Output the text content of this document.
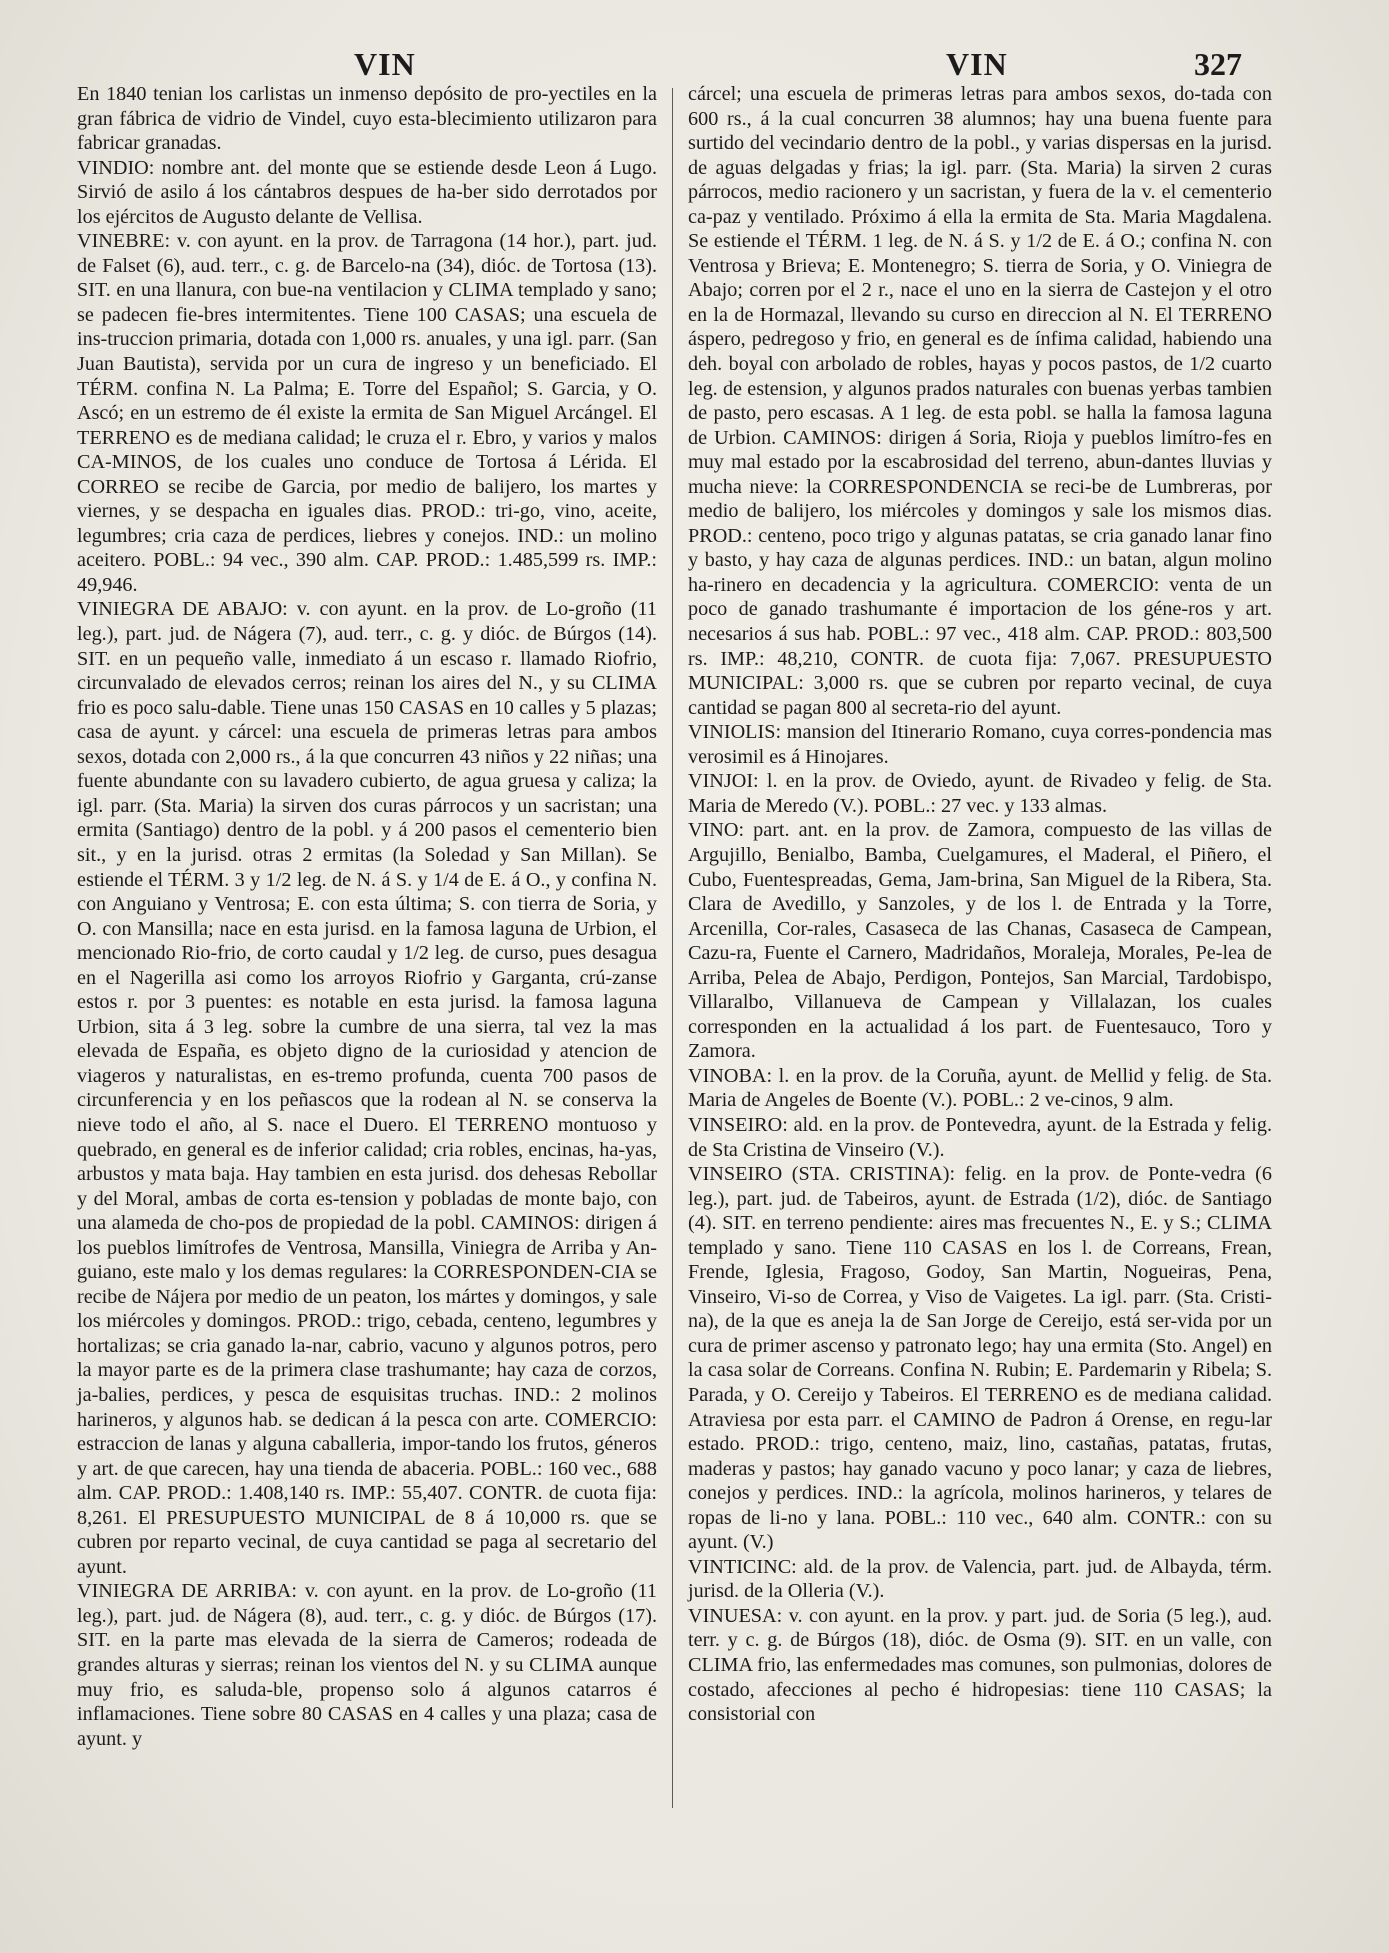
VIN	VIN	327

En 1840 tenian los carlistas un inmenso depósito de pro-yectiles en la gran fábrica de vidrio de Vindel, cuyo esta-blecimiento utilizaron para fabricar granadas.

VINDIO: nombre ant. del monte que se estiende desde Leon á Lugo. Sirvió de asilo á los cántabros despues de ha-ber sido derrotados por los ejércitos de Augusto delante de Vellisa.

VINEBRE: v. con ayunt. en la prov. de Tarragona (14 hor.), part. jud. de Falset (6), aud. terr., c. g. de Barcelo-na (34), dióc. de Tortosa (13). SIT. en una llanura, con bue-na ventilacion y CLIMA templado y sano; se padecen fie-bres intermitentes. Tiene 100 CASAS; una escuela de ins-truccion primaria, dotada con 1,000 rs. anuales, y una igl. parr. (San Juan Bautista), servida por un cura de ingreso y un beneficiado. El TÉRM. confina N. La Palma; E. Torre del Español; S. Garcia, y O. Ascó; en un estremo de él existe la ermita de San Miguel Arcángel. El TERRENO es de mediana calidad; le cruza el r. Ebro, y varios y malos CA-MINOS, de los cuales uno conduce de Tortosa á Lérida. El CORREO se recibe de Garcia, por medio de balijero, los martes y viernes, y se despacha en iguales dias. PROD.: tri-go, vino, aceite, legumbres; cria caza de perdices, liebres y conejos. IND.: un molino aceitero. POBL.: 94 vec., 390 alm. CAP. PROD.: 1.485,599 rs. IMP.: 49,946.

VINIEGRA DE ABAJO: v. con ayunt. en la prov. de Lo-groño (11 leg.), part. jud. de Nágera (7), aud. terr., c. g. y dióc. de Búrgos (14). SIT. en un pequeño valle, inmediato á un escaso r. llamado Riofrio, circunvalado de elevados cerros; reinan los aires del N., y su CLIMA frio es poco salu-dable. Tiene unas 150 CASAS en 10 calles y 5 plazas; casa de ayunt. y cárcel: una escuela de primeras letras para ambos sexos, dotada con 2,000 rs., á la que concurren 43 niños y 22 niñas; una fuente abundante con su lavadero cubierto, de agua gruesa y caliza; la igl. parr. (Sta. Maria) la sirven dos curas párrocos y un sacristan; una ermita (Santiago) dentro de la pobl. y á 200 pasos el cementerio bien sit., y en la jurisd. otras 2 ermitas (la Soledad y San Millan). Se estiende el TÉRM. 3 y 1/2 leg. de N. á S. y 1/4 de E. á O., y confina N. con Anguiano y Ventrosa; E. con esta última; S. con tierra de Soria, y O. con Mansilla; nace en esta jurisd. en la famosa laguna de Urbion, el mencionado Rio-frio, de corto caudal y 1/2 leg. de curso, pues desagua en el Nagerilla asi como los arroyos Riofrio y Garganta, crú-zanse estos r. por 3 puentes: es notable en esta jurisd. la famosa laguna Urbion, sita á 3 leg. sobre la cumbre de una sierra, tal vez la mas elevada de España, es objeto digno de la curiosidad y atencion de viageros y naturalistas, en es-tremo profunda, cuenta 700 pasos de circunferencia y en los peñascos que la rodean al N. se conserva la nieve todo el año, al S. nace el Duero. El TERRENO montuoso y quebrado, en general es de inferior calidad; cria robles, encinas, ha-yas, arbustos y mata baja. Hay tambien en esta jurisd. dos dehesas Rebollar y del Moral, ambas de corta es-tension y pobladas de monte bajo, con una alameda de cho-pos de propiedad de la pobl. CAMINOS: dirigen á los pueblos limítrofes de Ventrosa, Mansilla, Viniegra de Arriba y An-guiano, este malo y los demas regulares: la CORRESPONDEN-CIA se recibe de Nájera por medio de un peaton, los mártes y domingos, y sale los miércoles y domingos. PROD.: trigo, cebada, centeno, legumbres y hortalizas; se cria ganado la-nar, cabrio, vacuno y algunos potros, pero la mayor parte es de la primera clase trashumante; hay caza de corzos, ja-balies, perdices, y pesca de esquisitas truchas. IND.: 2 molinos harineros, y algunos hab. se dedican á la pesca con arte. COMERCIO: estraccion de lanas y alguna caballeria, impor-tando los frutos, géneros y art. de que carecen, hay una tienda de abaceria. POBL.: 160 vec., 688 alm. CAP. PROD.: 1.408,140 rs. IMP.: 55,407. CONTR. de cuota fija: 8,261. El PRESUPUESTO MUNICIPAL de 8 á 10,000 rs. que se cubren por reparto vecinal, de cuya cantidad se paga al secretario del ayunt.

VINIEGRA DE ARRIBA: v. con ayunt. en la prov. de Lo-groño (11 leg.), part. jud. de Nágera (8), aud. terr., c. g. y dióc. de Búrgos (17). SIT. en la parte mas elevada de la sierra de Cameros; rodeada de grandes alturas y sierras; reinan los vientos del N. y su CLIMA aunque muy frio, es saluda-ble, propenso solo á algunos catarros é inflamaciones. Tiene sobre 80 CASAS en 4 calles y una plaza; casa de ayunt. y

cárcel; una escuela de primeras letras para ambos sexos, do-tada con 600 rs., á la cual concurren 38 alumnos; hay una buena fuente para surtido del vecindario dentro de la pobl., y varias dispersas en la jurisd. de aguas delgadas y frias; la igl. parr. (Sta. Maria) la sirven 2 curas párrocos, medio racionero y un sacristan, y fuera de la v. el cementerio ca-paz y ventilado. Próximo á ella la ermita de Sta. Maria Magdalena. Se estiende el TÉRM. 1 leg. de N. á S. y 1/2 de E. á O.; confina N. con Ventrosa y Brieva; E. Montenegro; S. tierra de Soria, y O. Viniegra de Abajo; corren por el 2 r., nace el uno en la sierra de Castejon y el otro en la de Hormazal, llevando su curso en direccion al N. El TERRENO áspero, pedregoso y frio, en general es de ínfima calidad, habiendo una deh. boyal con arbolado de robles, hayas y pocos pastos, de 1/2 cuarto leg. de estension, y algunos prados naturales con buenas yerbas tambien de pasto, pero escasas. A 1 leg. de esta pobl. se halla la famosa laguna de Urbion. CAMINOS: dirigen á Soria, Rioja y pueblos limítro-fes en muy mal estado por la escabrosidad del terreno, abun-dantes lluvias y mucha nieve: la CORRESPONDENCIA se reci-be de Lumbreras, por medio de balijero, los miércoles y domingos y sale los mismos dias. PROD.: centeno, poco trigo y algunas patatas, se cria ganado lanar fino y basto, y hay caza de algunas perdices. IND.: un batan, algun molino ha-rinero en decadencia y la agricultura. COMERCIO: venta de un poco de ganado trashumante é importacion de los géne-ros y art. necesarios á sus hab. POBL.: 97 vec., 418 alm. CAP. PROD.: 803,500 rs. IMP.: 48,210, CONTR. de cuota fija: 7,067. PRESUPUESTO MUNICIPAL: 3,000 rs. que se cubren por reparto vecinal, de cuya cantidad se pagan 800 al secreta-rio del ayunt.

VINIOLIS: mansion del Itinerario Romano, cuya corres-pondencia mas verosimil es á Hinojares.

VINJOI: l. en la prov. de Oviedo, ayunt. de Rivadeo y felig. de Sta. Maria de Meredo (V.). POBL.: 27 vec. y 133 almas.

VINO: part. ant. en la prov. de Zamora, compuesto de las villas de Argujillo, Benialbo, Bamba, Cuelgamures, el Maderal, el Piñero, el Cubo, Fuentespreadas, Gema, Jam-brina, San Miguel de la Ribera, Sta. Clara de Avedillo, y Sanzoles, y de los l. de Entrada y la Torre, Arcenilla, Cor-rales, Casaseca de las Chanas, Casaseca de Campean, Cazu-ra, Fuente el Carnero, Madridaños, Moraleja, Morales, Pe-lea de Arriba, Pelea de Abajo, Perdigon, Pontejos, San Marcial, Tardobispo, Villaralbo, Villanueva de Campean y Villalazan, los cuales corresponden en la actualidad á los part. de Fuentesauco, Toro y Zamora.

VINOBA: l. en la prov. de la Coruña, ayunt. de Mellid y felig. de Sta. Maria de Angeles de Boente (V.). POBL.: 2 ve-cinos, 9 alm.

VINSEIRO: ald. en la prov. de Pontevedra, ayunt. de la Estrada y felig. de Sta Cristina de Vinseiro (V.).

VINSEIRO (STA. CRISTINA): felig. en la prov. de Ponte-vedra (6 leg.), part. jud. de Tabeiros, ayunt. de Estrada (1/2), dióc. de Santiago (4). SIT. en terreno pendiente: aires mas frecuentes N., E. y S.; CLIMA templado y sano. Tiene 110 CASAS en los l. de Correans, Frean, Frende, Iglesia, Fragoso, Godoy, San Martin, Nogueiras, Pena, Vinseiro, Vi-so de Correa, y Viso de Vaigetes. La igl. parr. (Sta. Cristi-na), de la que es aneja la de San Jorge de Cereijo, está ser-vida por un cura de primer ascenso y patronato lego; hay una ermita (Sto. Angel) en la casa solar de Correans. Confina N. Rubin; E. Pardemarin y Ribela; S. Parada, y O. Cereijo y Tabeiros. El TERRENO es de mediana calidad. Atraviesa por esta parr. el CAMINO de Padron á Orense, en regu-lar estado. PROD.: trigo, centeno, maiz, lino, castañas, patatas, frutas, maderas y pastos; hay ganado vacuno y poco lanar; y caza de liebres, conejos y perdices. IND.: la agrícola, molinos harineros, y telares de ropas de li-no y lana. POBL.: 110 vec., 640 alm. CONTR.: con su ayunt. (V.)

VINTICINC: ald. de la prov. de Valencia, part. jud. de Albayda, térm. jurisd. de la Olleria (V.).

VINUESA: v. con ayunt. en la prov. y part. jud. de Soria (5 leg.), aud. terr. y c. g. de Búrgos (18), dióc. de Osma (9). SIT. en un valle, con CLIMA frio, las enfermedades mas comunes, son pulmonias, dolores de costado, afecciones al pecho é hidropesias: tiene 110 CASAS; la consistorial con
